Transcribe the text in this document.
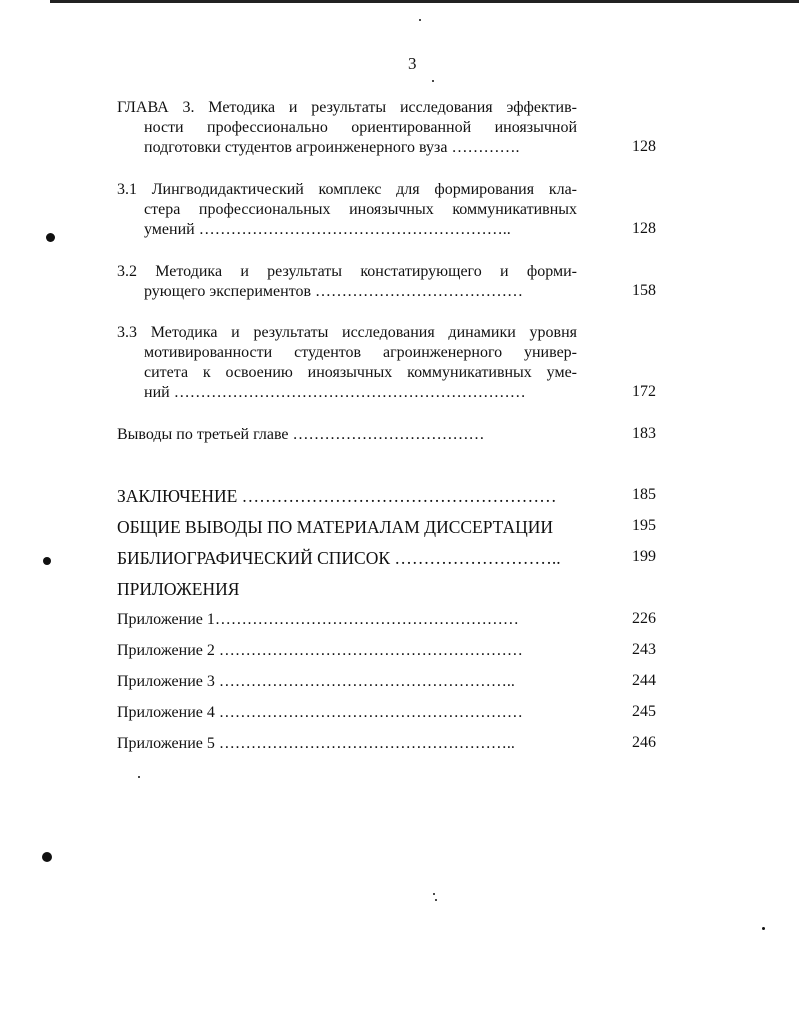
3
ГЛАВА 3. Методика и результаты исследования эффектив-
ности профессионально ориентированной иноязычной
подготовки студентов агроинженерного вуза ………….	128
3.1 Лингводидактический комплекс для формирования кла-
стера профессиональных иноязычных коммуникативных
умений …………………………………………………..	128
3.2 Методика и результаты констатирующего и форми-
рующего экспериментов …………………………………	158
3.3 Методика и результаты исследования динамики уровня
мотивированности студентов агроинженерного универ-
ситета к освоению иноязычных коммуникативных уме-
ний …………………………………………………………	172
Выводы по третьей главе ………………………………	183
ЗАКЛЮЧЕНИЕ ………………………………………………	185
ОБЩИЕ ВЫВОДЫ ПО МАТЕРИАЛАМ ДИССЕРТАЦИИ	195
БИБЛИОГРАФИЧЕСКИЙ СПИСОК ………………………..	199
ПРИЛОЖЕНИЯ
Приложение 1…………………………………………………	226
Приложение 2 …………………………………………………	243
Приложение 3 ………………………………………………..	244
Приложение 4 …………………………………………………	245
Приложение 5 ………………………………………………..	246
